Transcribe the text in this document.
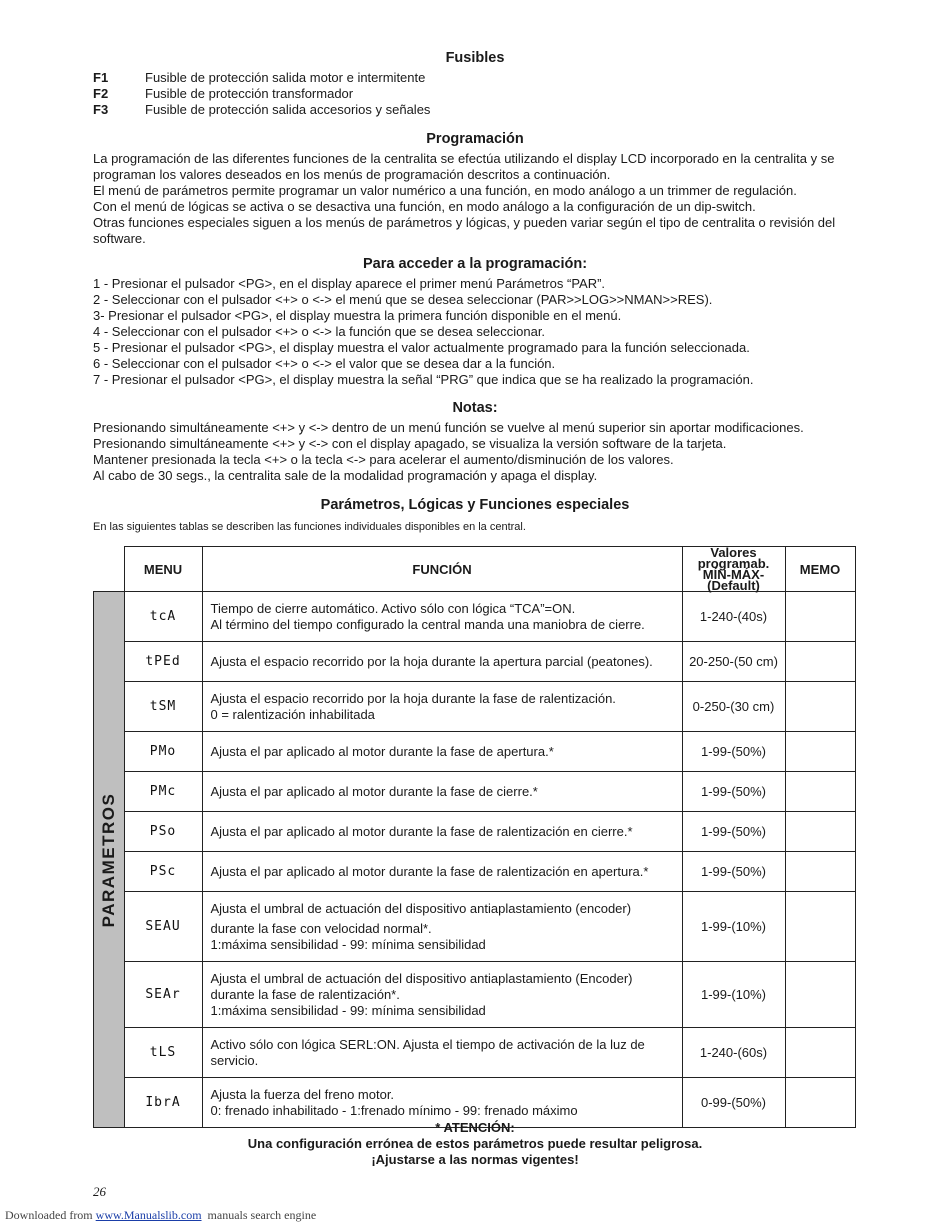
Fusibles
F1	Fusible de protección salida motor e intermitente
F2	Fusible de protección transformador
F3	Fusible de protección salida accesorios y señales
Programación
La programación de las diferentes funciones de la centralita se efectúa utilizando el display LCD incorporado en la centralita y se programan los valores deseados en los menús de programación descritos a continuación.
El menú de parámetros permite programar un valor numérico a una función, en modo análogo a un trimmer de regulación.
Con el menú de lógicas se activa o se desactiva una función, en modo análogo a la configuración de un dip-switch.
Otras funciones especiales siguen a los menús de parámetros y lógicas, y pueden variar según el tipo de centralita o revisión del software.
Para acceder a la programación:
1 - Presionar el pulsador <PG>, en el display aparece el primer menú Parámetros “PAR”.
2 - Seleccionar con el pulsador <+> o <-> el menú que se desea seleccionar (PAR>>LOG>>NMAN>>RES).
3- Presionar el pulsador <PG>, el display muestra la primera función disponible en el menú.
4 - Seleccionar con el pulsador <+> o <-> la función que se desea seleccionar.
5 - Presionar el pulsador <PG>, el display muestra el valor actualmente programado para la función seleccionada.
6 - Seleccionar con el pulsador <+> o <-> el valor que se desea dar a la función.
7 - Presionar el pulsador <PG>, el display muestra la señal “PRG” que indica que se ha realizado la programación.
Notas:
Presionando simultáneamente <+> y <-> dentro de un menú función se vuelve al menú superior sin aportar modificaciones.
Presionando simultáneamente <+> y <-> con el display apagado, se visualiza la versión software de la tarjeta.
Mantener presionada la tecla <+> o la tecla <-> para acelerar el aumento/disminución de los valores.
Al cabo de 30 segs., la centralita sale de la modalidad programación y apaga el display.
Parámetros, Lógicas y Funciones especiales
En las siguientes tablas se describen las funciones individuales disponibles en la central.
	MENU	FUNCIÓN	Valores programab.
MÍN-MÁX-(Default)	MEMO

PARAMETROS	tcA	Tiempo de cierre automático. Activo sólo con lógica “TCA”=ON.
Al término del tiempo configurado la central manda una maniobra de cierre.	1-240-(40s)	
	tPEd	Ajusta el espacio recorrido por la hoja durante la apertura parcial (peatones).	20-250-(50 cm)	
	tSM	Ajusta el espacio recorrido por la hoja durante la fase de ralentización.
0 = ralentización inhabilitada	0-250-(30 cm)	
	PMo	Ajusta el par aplicado al motor durante la fase de apertura.*	1-99-(50%)	
	PMc	Ajusta el par aplicado al motor durante la fase de cierre.*	1-99-(50%)	
	PSo	Ajusta el par aplicado al motor durante la fase de ralentización en cierre.*	1-99-(50%)	
	PSc	Ajusta el par aplicado al motor durante la fase de ralentización en apertura.*	1-99-(50%)	
	SEAU	Ajusta el umbral de actuación del dispositivo antiaplastamiento (encoder)
durante la fase con velocidad normal*.
1:máxima sensibilidad - 99: mínima sensibilidad	1-99-(10%)	
	SEAr	Ajusta el umbral de actuación del dispositivo antiaplastamiento (Encoder)
durante la fase de ralentización*.
1:máxima sensibilidad - 99: mínima sensibilidad	1-99-(10%)	
	tLS	Activo sólo con lógica SERL:ON. Ajusta el tiempo de activación de la luz de
servicio.	1-240-(60s)	
	IbrA	Ajusta la fuerza del freno motor.
0: frenado inhabilitado - 1:frenado mínimo - 99: frenado máximo	0-99-(50%)	
* ATENCIÓN:
Una configuración errónea de estos parámetros puede resultar peligrosa.
¡Ajustarse a las normas vigentes!
26
Downloaded from www.Manualslib.com  manuals search engine
